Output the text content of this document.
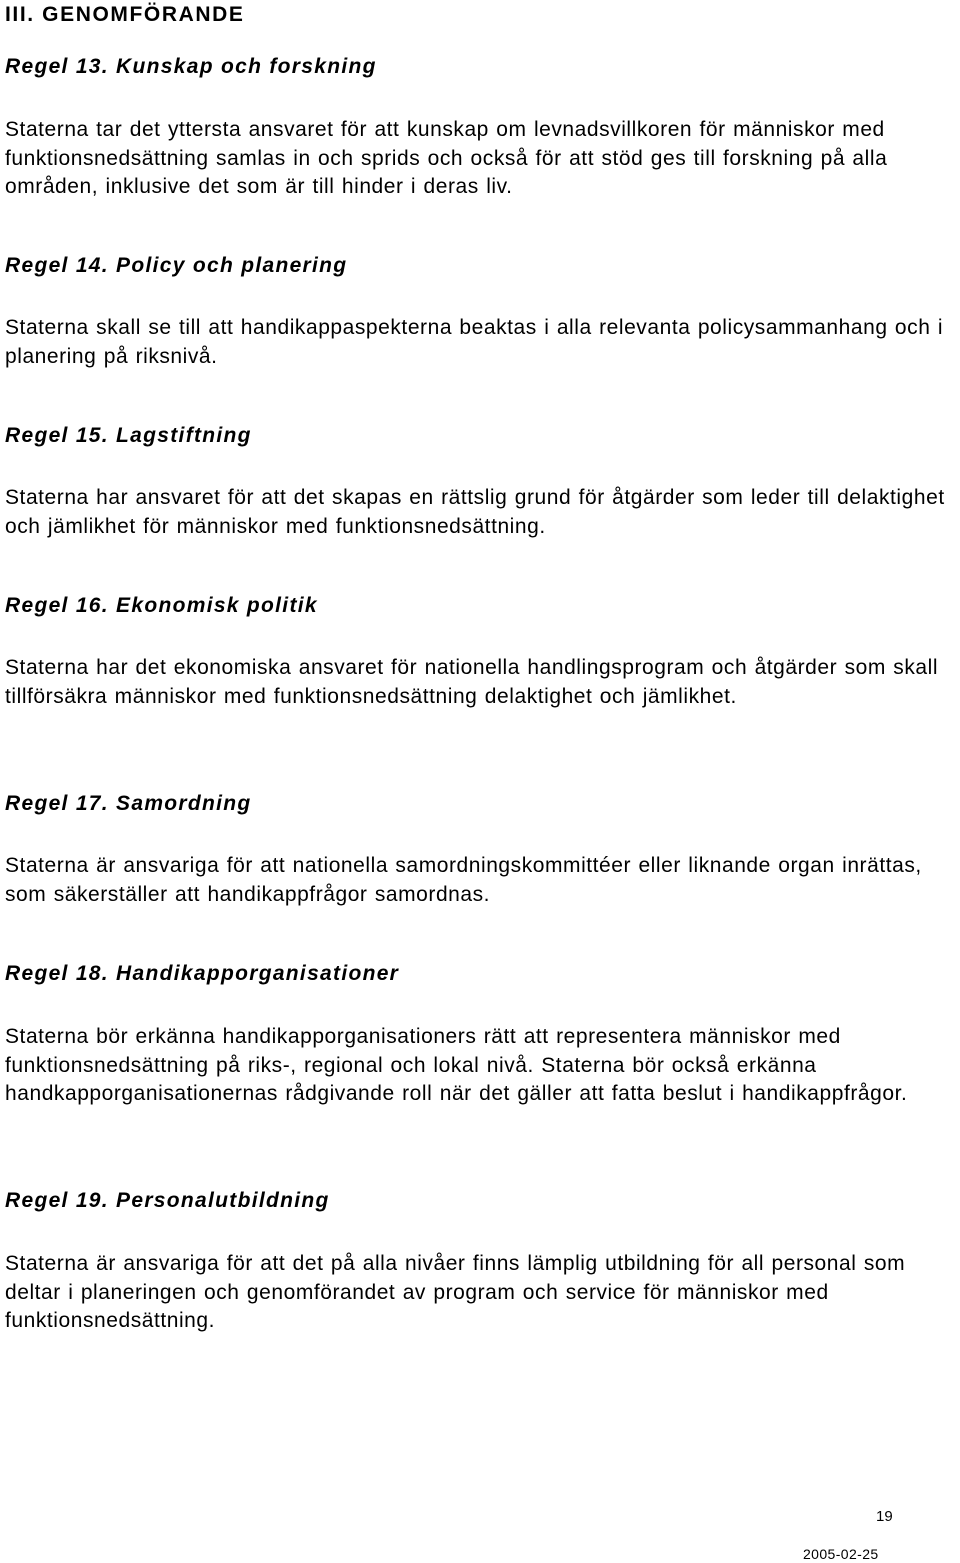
III. GENOMFÖRANDE
Regel 13. Kunskap och forskning

Staterna tar det yttersta ansvaret för att kunskap om levnadsvillkoren för människor med funktionsnedsättning samlas in och sprids och också för att stöd ges till forskning på alla områden, inklusive det som är till hinder i deras liv.

Regel 14. Policy och planering

Staterna skall se till att handikappaspekterna beaktas i alla relevanta policysammanhang och i planering på riksnivå.

Regel 15. Lagstiftning

Staterna har ansvaret för att det skapas en rättslig grund för åtgärder som leder till delaktighet och jämlikhet för människor med funktionsnedsättning.

Regel 16. Ekonomisk politik

Staterna har det ekonomiska ansvaret för nationella handlingsprogram och åtgärder som skall tillförsäkra människor med funktionsnedsättning delaktighet och jämlikhet.

Regel 17. Samordning

Staterna är ansvariga för att nationella samordningskommittéer eller liknande organ inrättas, som säkerställer att handikappfrågor samordnas.

Regel 18. Handikapporganisationer

Staterna bör erkänna handikapporganisationers rätt att representera människor med funktionsnedsättning på riks-, regional och lokal nivå. Staterna bör också erkänna handkapporganisationernas rådgivande roll när det gäller att fatta beslut i handikappfrågor.

Regel 19. Personalutbildning

Staterna är ansvariga för att det på alla nivåer finns lämplig utbildning för all personal som deltar i planeringen och genomförandet av program och service för människor med funktionsnedsättning.

19

2005-02-25
